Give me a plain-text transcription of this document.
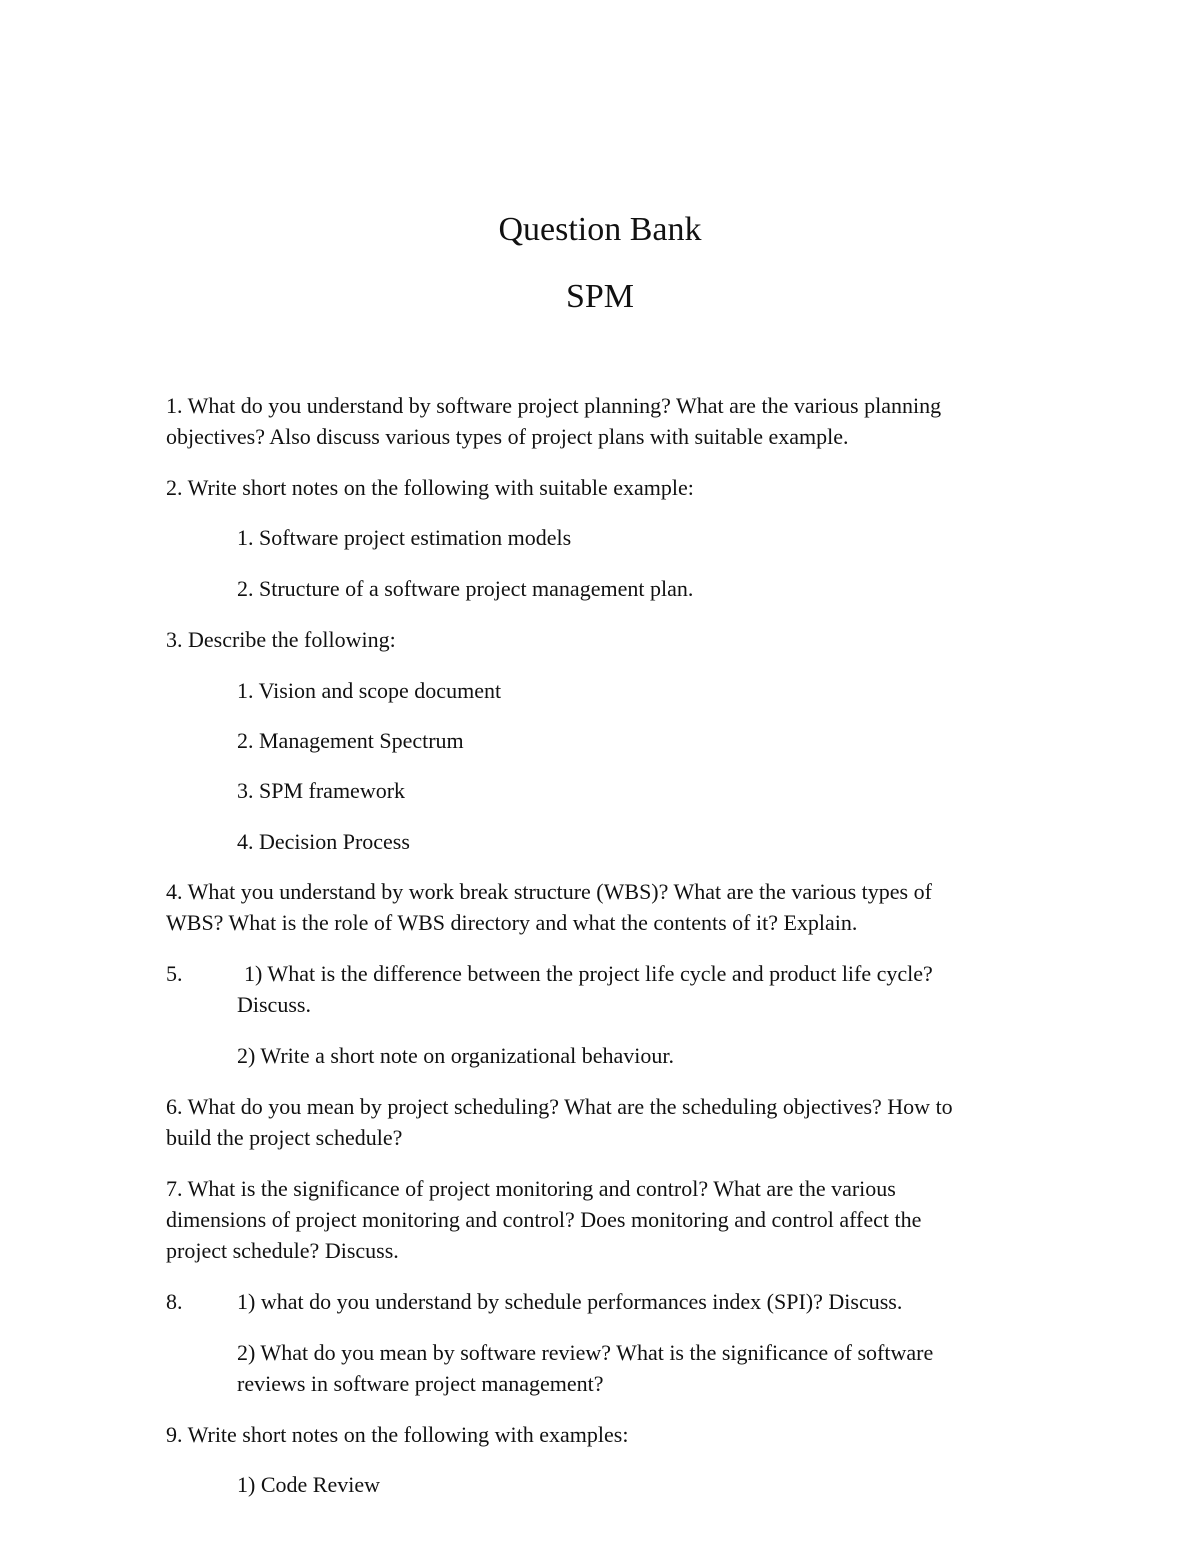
Question Bank
SPM

1. What do you understand by software project planning? What are the various planning

objectives? Also discuss various types of project plans with suitable example.

2. Write short notes on the following with suitable example:

1. Software project estimation models

2. Structure of a software project management plan.

3. Describe the following:

1. Vision and scope document

2. Management Spectrum

3. SPM framework

4. Decision Process

4. What you understand by work break structure (WBS)? What are the various types of

WBS? What is the role of WBS directory and what the contents of it? Explain.

5.	1) What is the difference between the project life cycle and product life cycle?

Discuss.

2) Write a short note on organizational behaviour.

6. What do you mean by project scheduling? What are the scheduling objectives? How to

build the project schedule?

7. What is the significance of project monitoring and control? What are the various

dimensions of project monitoring and control? Does monitoring and control affect the

project schedule? Discuss.

8. 1) what do you understand by schedule performances index (SPI)? Discuss.

2) What do you mean by software review? What is the significance of software

reviews in software project management?

9. Write short notes on the following with examples:

1) Code Review
